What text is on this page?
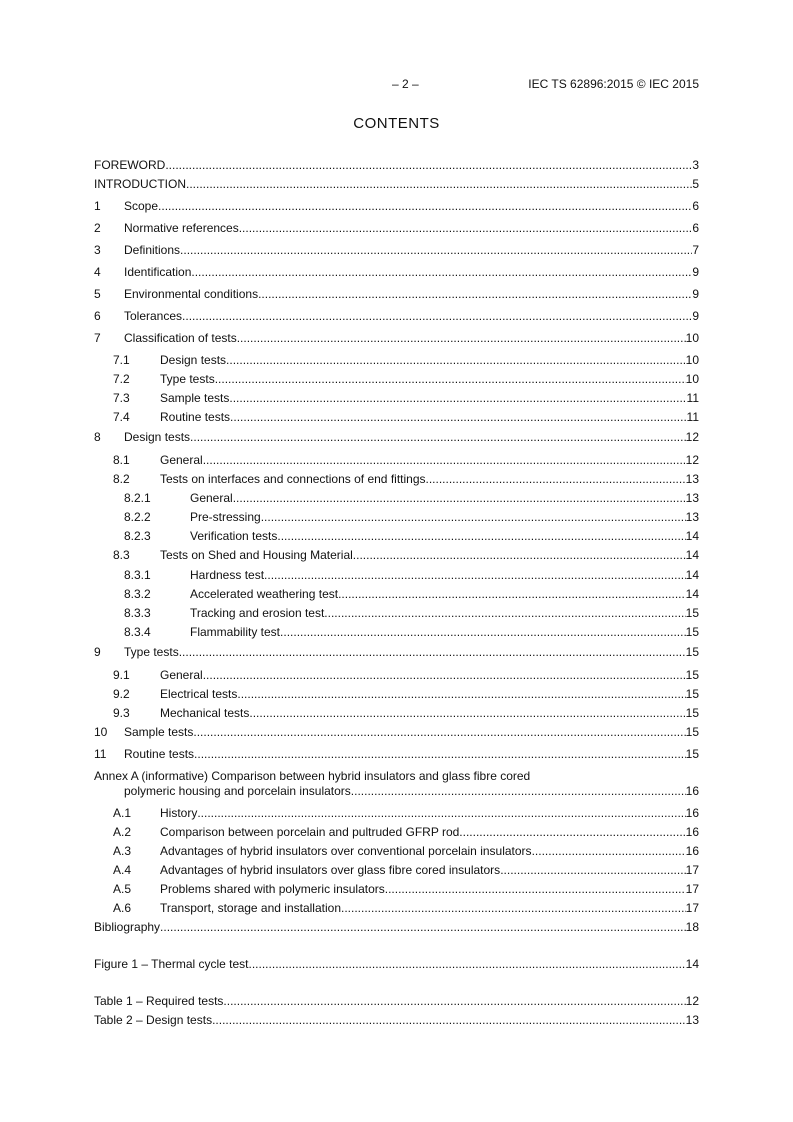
– 2 –	IEC TS 62896:2015 © IEC 2015
CONTENTS
FOREWORD .....	3
INTRODUCTION .....	5
1	Scope .....	6
2	Normative references .....	6
3	Definitions .....	7
4	Identification .....	9
5	Environmental conditions .....	9
6	Tolerances .....	9
7	Classification of tests .....	10
7.1	Design tests .....	10
7.2	Type tests .....	10
7.3	Sample tests .....	11
7.4	Routine tests .....	11
8	Design tests .....	12
8.1	General .....	12
8.2	Tests on interfaces and connections of end fittings .....	13
8.2.1	General .....	13
8.2.2	Pre-stressing .....	13
8.2.3	Verification tests .....	14
8.3	Tests on Shed and Housing Material .....	14
8.3.1	Hardness test .....	14
8.3.2	Accelerated weathering test .....	14
8.3.3	Tracking and erosion test .....	15
8.3.4	Flammability test .....	15
9	Type tests .....	15
9.1	General .....	15
9.2	Electrical tests .....	15
9.3	Mechanical tests .....	15
10	Sample tests .....	15
11	Routine tests .....	15
Annex A (informative) Comparison between hybrid insulators and glass fibre cored
polymeric housing and porcelain insulators .....	16
A.1	History .....	16
A.2	Comparison between porcelain and pultruded GFRP rod .....	16
A.3	Advantages of hybrid insulators over conventional porcelain insulators .....	16
A.4	Advantages of hybrid insulators over glass fibre cored insulators .....	17
A.5	Problems shared with polymeric insulators .....	17
A.6	Transport, storage and installation .....	17
Bibliography .....	18
Figure 1 – Thermal cycle test .....	14
Table 1 – Required tests .....	12
Table 2 – Design tests .....	13
